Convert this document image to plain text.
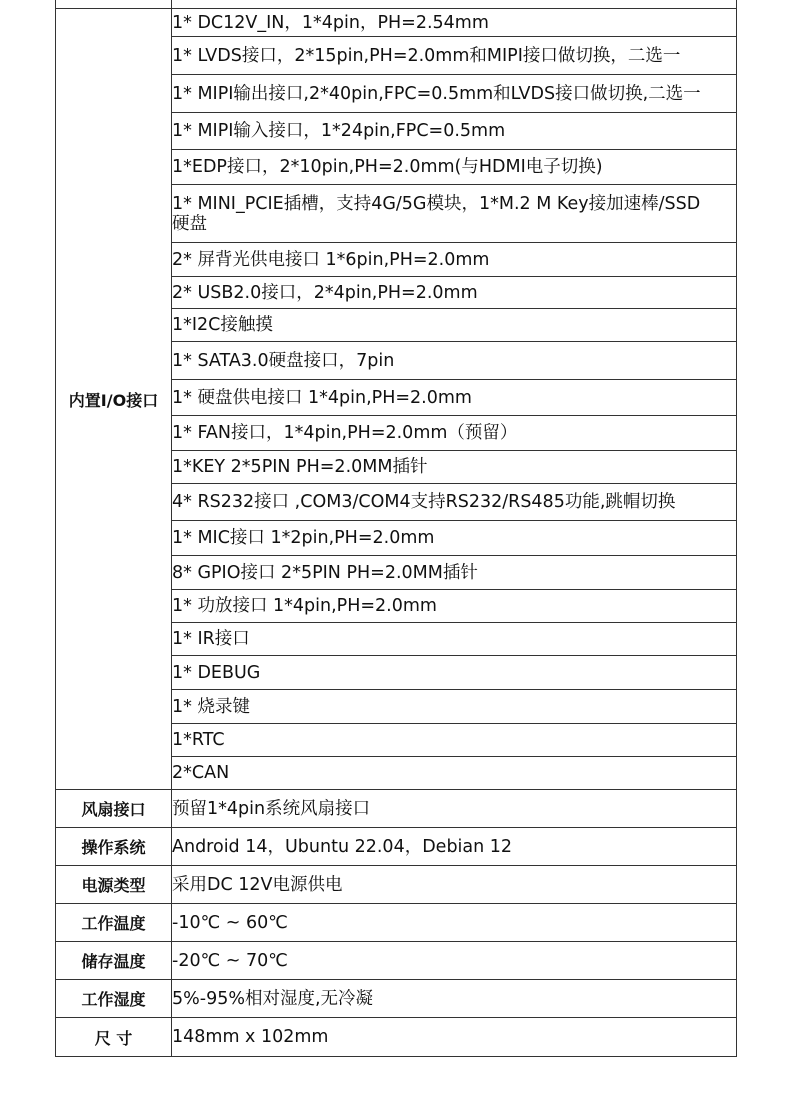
内置I/O接口	1* DC12V_IN，1*4pin，PH=2.54mm
	1* LVDS接口，2*15pin,PH=2.0mm和MIPI接口做切换，二选一
	1* MIPI输出接口,2*40pin,FPC=0.5mm和LVDS接口做切换,二选一
	1* MIPI输入接口，1*24pin,FPC=0.5mm
	1*EDP接口，2*10pin,PH=2.0mm(与HDMI电子切换)
	1* MINI_PCIE插槽，支持4G/5G模块，1*M.2 M Key接加速棒/SSD硬盘
	2* 屏背光供电接口 1*6pin,PH=2.0mm
	2* USB2.0接口，2*4pin,PH=2.0mm
	1*I2C接触摸
	1* SATA3.0硬盘接口，7pin
	1* 硬盘供电接口 1*4pin,PH=2.0mm
	1* FAN接口，1*4pin,PH=2.0mm（预留）
	1*KEY 2*5PIN PH=2.0MM插针
	4* RS232接口 ,COM3/COM4支持RS232/RS485功能,跳帽切换
	1* MIC接口 1*2pin,PH=2.0mm
	8* GPIO接口 2*5PIN PH=2.0MM插针
	1* 功放接口 1*4pin,PH=2.0mm
	1* IR接口
	1* DEBUG
	1* 烧录键
	1*RTC
	2*CAN
风扇接口	预留1*4pin系统风扇接口
操作系统	Android 14，Ubuntu 22.04，Debian 12
电源类型	采用DC 12V电源供电
工作温度	-10℃ ~ 60℃
储存温度	-20℃ ~ 70℃
工作湿度	5%-95%相对湿度,无冷凝
尺 寸	148mm x 102mm
